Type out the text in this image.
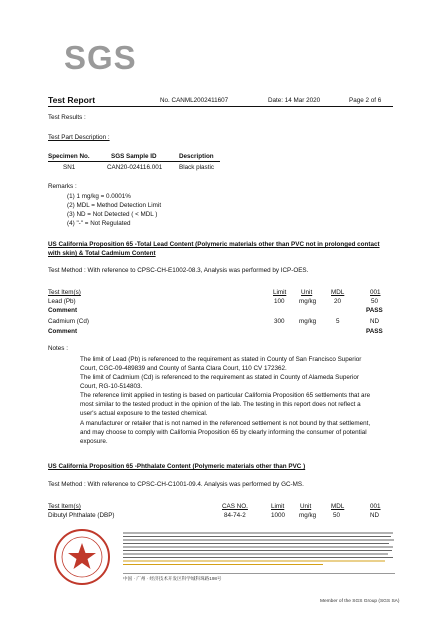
SGS
Test Report	No. CANML2002411607	Date: 14 Mar 2020	Page 2 of 6
Test Results :
Test Part Description :
Specimen No.	SGS Sample ID	Description
SN1	CAN20-024116.001	Black plastic
Remarks :
(1) 1 mg/kg = 0.0001%
(2) MDL = Method Detection Limit
(3) ND = Not Detected ( < MDL )
(4) "-" = Not Regulated
US California Proposition 65 -Total Lead Content (Polymeric materials other than PVC not in prolonged contact
with skin) & Total Cadmium Content
Test Method : With reference to CPSC-CH-E1002-08.3, Analysis was performed by ICP-OES.
Test Item(s)	Limit Unit	MDL	001
Lead (Pb)	100 mg/kg	20	50
Comment	PASS
Cadmium (Cd)	300 mg/kg	5	ND
Comment	PASS
Notes :
The limit of Lead (Pb) is referenced to the requirement as stated in County of San Francisco Superior
Court, CGC-09-489839 and County of Santa Clara Court, 110 CV 172362.
The limit of Cadmium (Cd) is referenced to the requirement as stated in County of Alameda Superior
Court, RG-10-514803.
The reference limit applied in testing is based on particular California Proposition 65 settlements that are
most similar to the tested product in the opinion of the lab. The testing in this report does not reflect a
user's actual exposure to the tested chemical.
A manufacturer or retailer that is not named in the referenced settlement is not bound by that settlement,
and may choose to comply with California Proposition 65 by clearly informing the consumer of potential
exposure.
US California Proposition 65 -Phthalate Content (Polymeric materials other than PVC )
Test Method : With reference to CPSC-CH-C1001-09.4. Analysis was performed by GC-MS.
Test Item(s)	CAS NO.	Limit Unit	MDL	001
Dibutyl Phthalate (DBP)	84-74-2	1000 mg/kg	50	ND
中国 · 广州 · 经济技术开发区科学城科珠路198号
Member of the SGS Group (SGS SA)
